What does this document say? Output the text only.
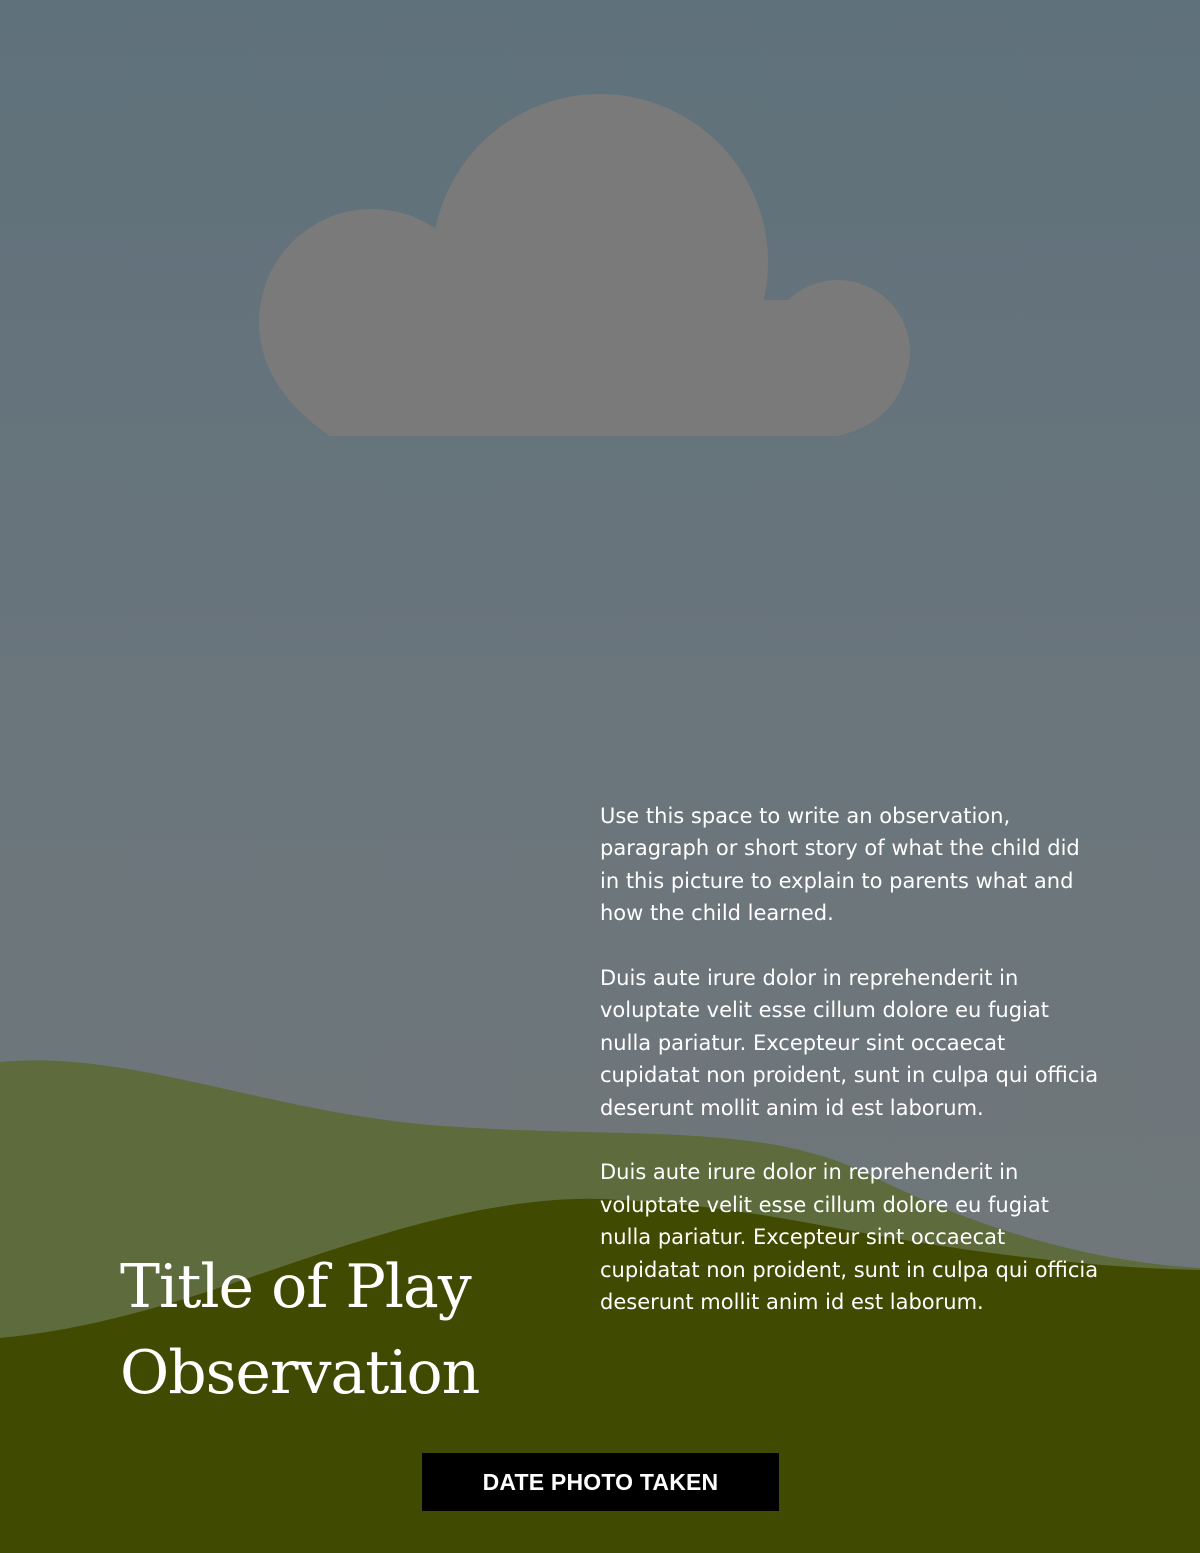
Title of Play
Observation

Use this space to write an observation, paragraph or short story of what the child did in this picture to explain to parents what and how the child learned.

Duis aute irure dolor in reprehenderit in voluptate velit esse cillum dolore eu fugiat nulla pariatur. Excepteur sint occaecat cupidatat non proident, sunt in culpa qui officia deserunt mollit anim id est laborum.

Duis aute irure dolor in reprehenderit in voluptate velit esse cillum dolore eu fugiat nulla pariatur. Excepteur sint occaecat cupidatat non proident, sunt in culpa qui officia deserunt mollit anim id est laborum.

DATE PHOTO TAKEN
